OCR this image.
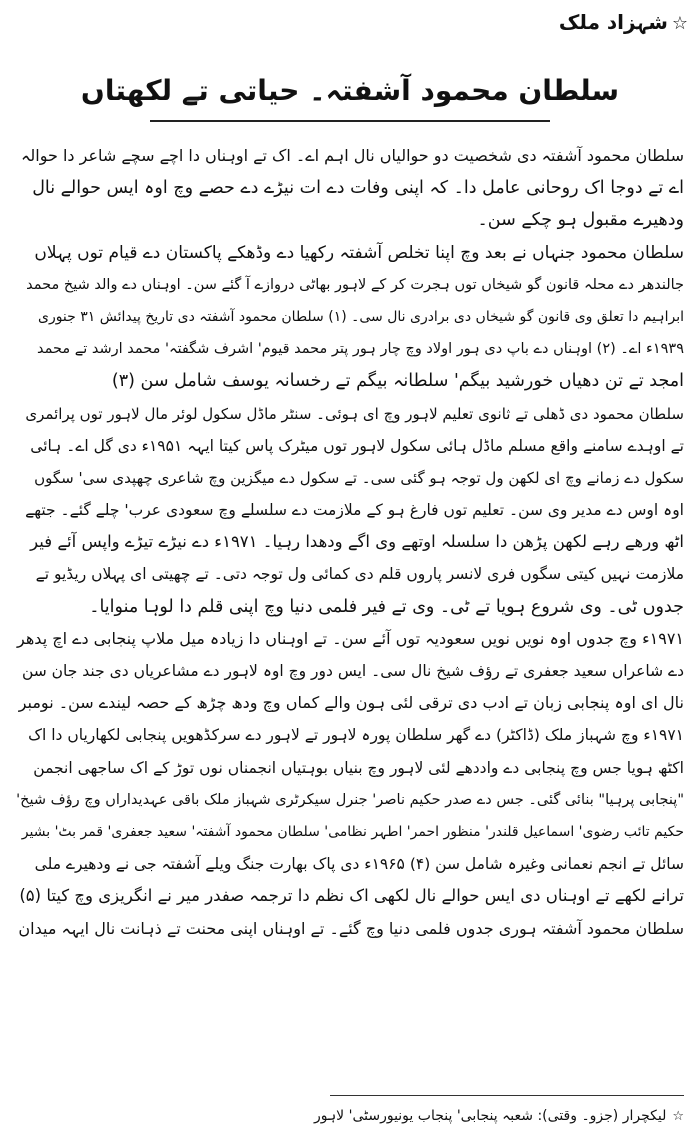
☆شہزاد ملک
سلطان محمود آشفتہ۔ حیاتی تے لکھتاں
سلطان محمود آشفتہ دی شخصیت دو حوالیاں نال اہم اے۔ اک تے اوہناں دا اچے سچے شاعر دا حوالہ
اے تے دوجا اک روحانی عامل دا۔ کہ اپنی وفات دے ات نیڑے دے حصے وچ اوہ ایس حوالے نال
ودھیرے مقبول ہو چکے سن۔
سلطان محمود جنہاں نے بعد وچ اپنا تخلص آشفتہ رکھیا دے وڈھکے پاکستان دے قیام توں پہلاں
جالندھر دے محلہ قانون گو شیخاں توں ہجرت کر کے لاہور بھاٹی دروازے آ گئے سن۔ اوہناں دے والد شیخ محمد
ابراہیم دا تعلق وی قانون گو شیخاں دی برادری نال سی۔ (۱) سلطان محمود آشفتہ دی تاریخ پیدائش ۳۱ جنوری
۱۹۳۹ء اے۔ (۲) اوہناں دے باپ دی ہور اولاد وچ چار ہور پتر محمد قیوم' اشرف شگفتہ' محمد ارشد تے محمد
امجد تے تن دھیاں خورشید بیگم' سلطانہ بیگم تے رخسانہ یوسف شامل سن (۳)
سلطان محمود دی ڈھلی تے ثانوی تعلیم لاہور وچ ای ہوئی۔ سنٹر ماڈل سکول لوئر مال لاہور توں پرائمری
تے اوہدے سامنے واقع مسلم ماڈل ہائی سکول لاہور توں میٹرک پاس کیتا ایہہ ۱۹۵۱ء دی گل اے۔ ہائی
سکول دے زمانے وچ ای لکھن ول توجہ ہو گئی سی۔ تے سکول دے میگزین وچ شاعری چھپدی سی' سگوں
اوہ اوس دے مدیر وی سن۔ تعلیم توں فارغ ہو کے ملازمت دے سلسلے وچ سعودی عرب' چلے گئے۔ جتھے
اٹھ ورھے رہے لکھن پڑھن دا سلسلہ اوتھے وی اگے ودھدا رہیا۔ ۱۹۷۱ء دے نیڑے تیڑے واپس آئے فیر
ملازمت نہیں کیتی سگوں فری لانسر پاروں قلم دی کمائی ول توجہ دتی۔ تے چھیتی ای پہلاں ریڈیو تے
جدوں ٹی۔ وی شروع ہویا تے ٹی۔ وی تے فیر فلمی دنیا وچ اپنی قلم دا لوہا منوایا۔
۱۹۷۱ء وچ جدوں اوہ نویں نویں سعودیہ توں آئے سن۔ تے اوہناں دا زیادہ میل ملاپ پنجابی دے اچ پدھر
دے شاعراں سعید جعفری تے رؤف شیخ نال سی۔ ایس دور وچ اوہ لاہور دے مشاعریاں دی جند جان سن
نال ای اوہ پنجابی زبان تے ادب دی ترقی لئی ہون والے کماں وچ ودھ چڑھ کے حصہ لیندے سن۔ نومبر
۱۹۷۱ء وچ شہباز ملک (ڈاکٹر) دے گھر سلطان پورہ لاہور تے لاہور دے سرکڈھویں پنجابی لکھاریاں دا اک
اکٹھ ہویا جس وچ پنجابی دے واددھے لئی لاہور وچ بنیاں بوہتیاں انجمناں نوں توڑ کے اک ساجھی انجمن
"پنجابی پرہیا" بنائی گئی۔ جس دے صدر حکیم ناصر' جنرل سیکرٹری شہباز ملک باقی عہدیداراں وچ رؤف شیخ'
حکیم تائب رضوی' اسماعیل قلندر' منظور احمر' اطہر نظامی' سلطان محمود آشفتہ' سعید جعفری' قمر بٹ' بشیر
سائل تے انجم نعمانی وغیرہ شامل سن (۴) ۱۹۶۵ء دی پاک بھارت جنگ ویلے آشفتہ جی نے ودھیرے ملی
ترانے لکھے تے اوہناں دی ایس حوالے نال لکھی اک نظم دا ترجمہ صفدر میر نے انگریزی وچ کیتا (۵)
سلطان محمود آشفتہ ہوری جدوں فلمی دنیا وچ گئے۔ تے اوہناں اپنی محنت تے ذہانت نال ایہہ میدان
☆لیکچرار (جزو۔ وقتی): شعبہ پنجابی' پنجاب یونیورسٹی' لاہور
